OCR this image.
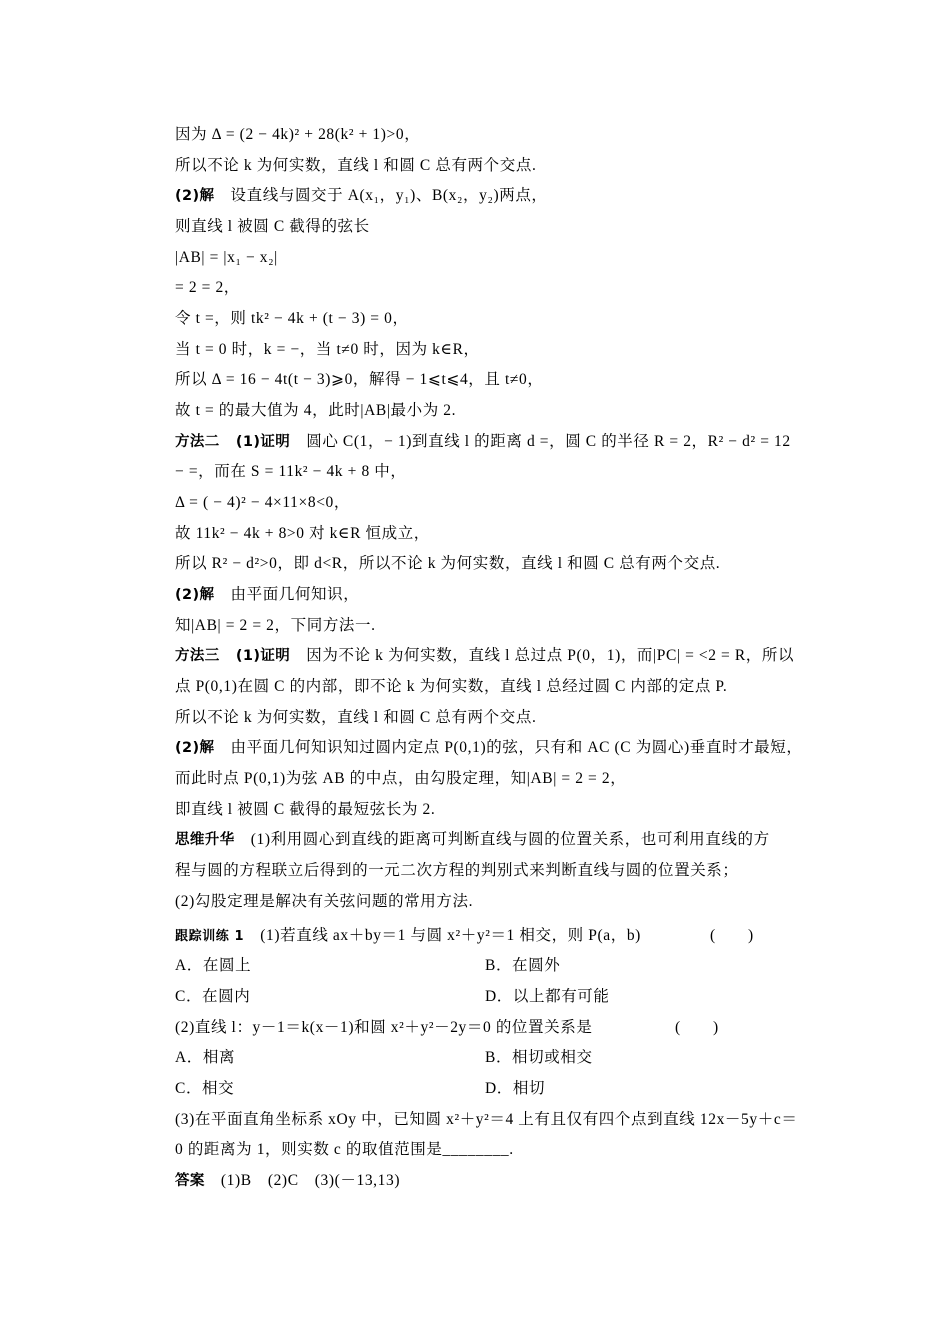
因为 Δ = (2 − 4k)² + 28(k² + 1)>0，
所以不论 k 为何实数，直线 l 和圆 C 总有两个交点.
(2)解　设直线与圆交于 A(x₁，y₁)、B(x₂，y₂)两点，
则直线 l 被圆 C 截得的弦长
|AB| = |x₁ − x₂|
= 2 = 2，
令 t =，则 tk² − 4k + (t − 3) = 0，
当 t = 0 时，k = −，当 t≠0 时，因为 k∈R，
所以 Δ = 16 − 4t(t − 3)⩾0，解得 − 1⩽t⩽4，且 t≠0，
故 t = 的最大值为 4，此时|AB|最小为 2.
方法二　 (1)证明　圆心 C(1，− 1)到直线 l 的距离 d =，圆 C 的半径 R = 2，R² − d² = 12
− =，而在 S = 11k² − 4k + 8 中，
Δ = ( − 4)² − 4×11×8<0，
故 11k² − 4k + 8>0 对 k∈R 恒成立，
所以 R² − d²>0，即 d<R，所以不论 k 为何实数，直线 l 和圆 C 总有两个交点.
(2)解　由平面几何知识，
知|AB| = 2 = 2，下同方法一.
方法三　 (1)证明　因为不论 k 为何实数，直线 l 总过点 P(0，1)，而|PC| = <2 = R，所以
点 P(0,1)在圆 C 的内部，即不论 k 为何实数，直线 l 总经过圆 C 内部的定点 P.
所以不论 k 为何实数，直线 l 和圆 C 总有两个交点.
(2)解　由平面几何知识知过圆内定点 P(0,1)的弦，只有和 AC (C 为圆心)垂直时才最短，
而此时点 P(0,1)为弦 AB 的中点，由勾股定理，知|AB| = 2 = 2，
即直线 l 被圆 C 截得的最短弦长为 2.
思维升华　(1)利用圆心到直线的距离可判断直线与圆的位置关系，也可利用直线的方
程与圆的方程联立后得到的一元二次方程的判别式来判断直线与圆的位置关系；
(2)勾股定理是解决有关弦问题的常用方法.
跟踪训练 1　 (1)若直线 ax＋by＝1 与圆 x²＋y²＝1 相交，则 P(a，b)	(　　)
A．在圆上	B．在圆外
C．在圆内	D．以上都有可能
(2)直线 l：y－1＝k(x－1)和圆 x²＋y²－2y＝0 的位置关系是	(　　)
A．相离	B．相切或相交
C．相交	D．相切
(3)在平面直角坐标系 xOy 中，已知圆 x²＋y²＝4 上有且仅有四个点到直线 12x－5y＋c＝
0 的距离为 1，则实数 c 的取值范围是________.
答案　(1)B　(2)C　(3)(－13,13)
